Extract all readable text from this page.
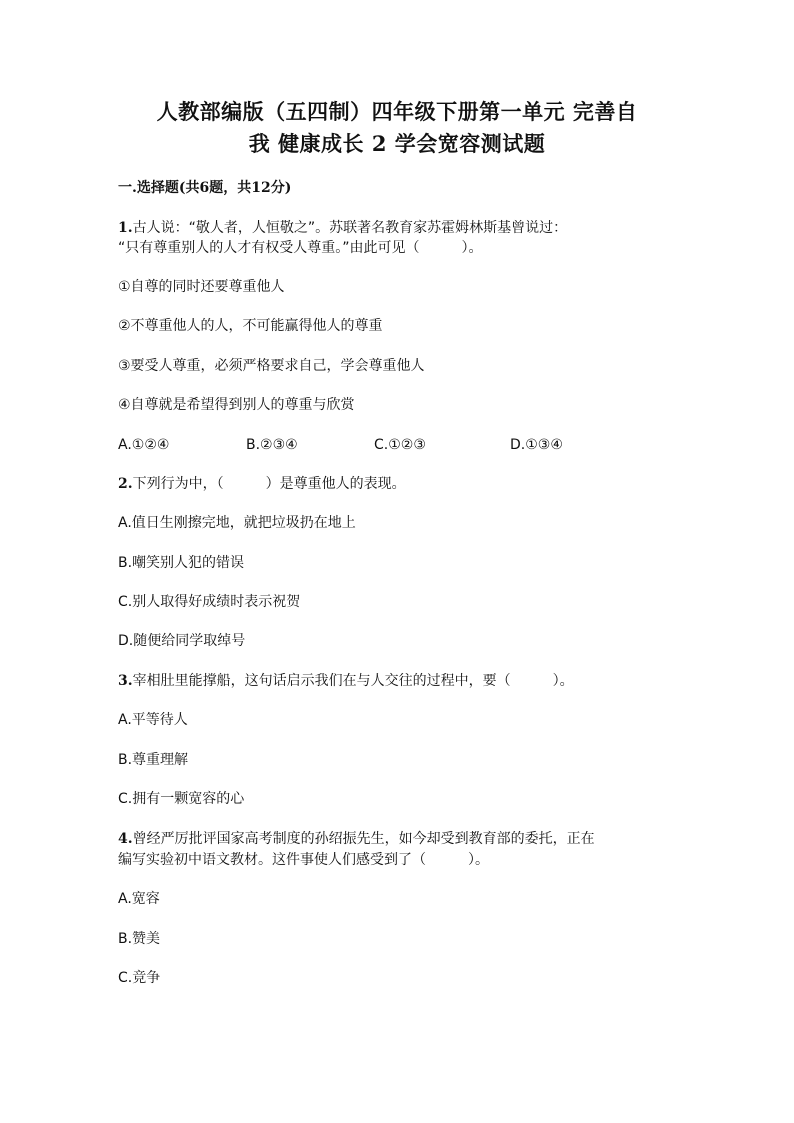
人教部编版（五四制）四年级下册第一单元 完善自
我 健康成长 2 学会宽容测试题
一.选择题(共6题，共12分)
1.古人说：“敬人者，人恒敬之”。苏联著名教育家苏霍姆林斯基曾说过：
“只有尊重别人的人才有权受人尊重。”由此可见（　　　）。
①自尊的同时还要尊重他人
②不尊重他人的人，不可能赢得他人的尊重
③要受人尊重，必须严格要求自己，学会尊重他人
④自尊就是希望得到别人的尊重与欣赏
A.①②④	B.②③④	C.①②③	D.①③④
2.下列行为中，（　　　）是尊重他人的表现。
A.值日生刚擦完地，就把垃圾扔在地上
B.嘲笑别人犯的错误
C.别人取得好成绩时表示祝贺
D.随便给同学取绰号
3.宰相肚里能撑船，这句话启示我们在与人交往的过程中，要（　　　）。
A.平等待人
B.尊重理解
C.拥有一颗宽容的心
4.曾经严厉批评国家高考制度的孙绍振先生，如今却受到教育部的委托，正在
编写实验初中语文教材。这件事使人们感受到了（　　　）。
A.宽容
B.赞美
C.竞争
